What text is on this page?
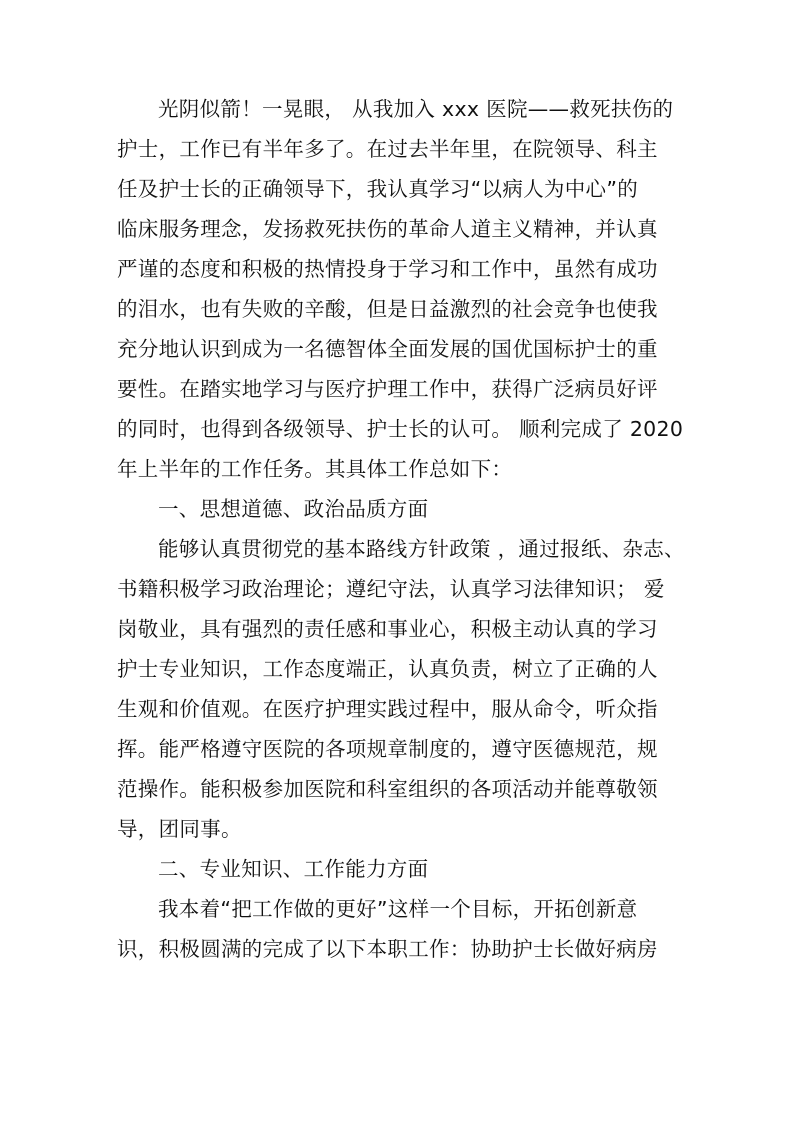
光阴似箭！一晃眼， 从我加入 xxx 医院——救死扶伤的
护士，工作已有半年多了。在过去半年里，在院领导、科主
任及护士长的正确领导下，我认真学习“以病人为中心”的
临床服务理念，发扬救死扶伤的革命人道主义精神，并认真
严谨的态度和积极的热情投身于学习和工作中，虽然有成功
的泪水，也有失败的辛酸，但是日益激烈的社会竞争也使我
充分地认识到成为一名德智体全面发展的国优国标护士的重
要性。在踏实地学习与医疗护理工作中，获得广泛病员好评
的同时，也得到各级领导、护士长的认可。 顺利完成了 2020
年上半年的工作任务。其具体工作总如下：
一、思想道德、政治品质方面
能够认真贯彻党的基本路线方针政策 ，通过报纸、杂志、
书籍积极学习政治理论；遵纪守法，认真学习法律知识； 爱
岗敬业，具有强烈的责任感和事业心，积极主动认真的学习
护士专业知识，工作态度端正，认真负责，树立了正确的人
生观和价值观。在医疗护理实践过程中，服从命令，听众指
挥。能严格遵守医院的各项规章制度的，遵守医德规范，规
范操作。能积极参加医院和科室组织的各项活动并能尊敬领
导，团同事。
二、专业知识、工作能力方面
我本着“把工作做的更好”这样一个目标，开拓创新意
识，积极圆满的完成了以下本职工作：协助护士长做好病房
